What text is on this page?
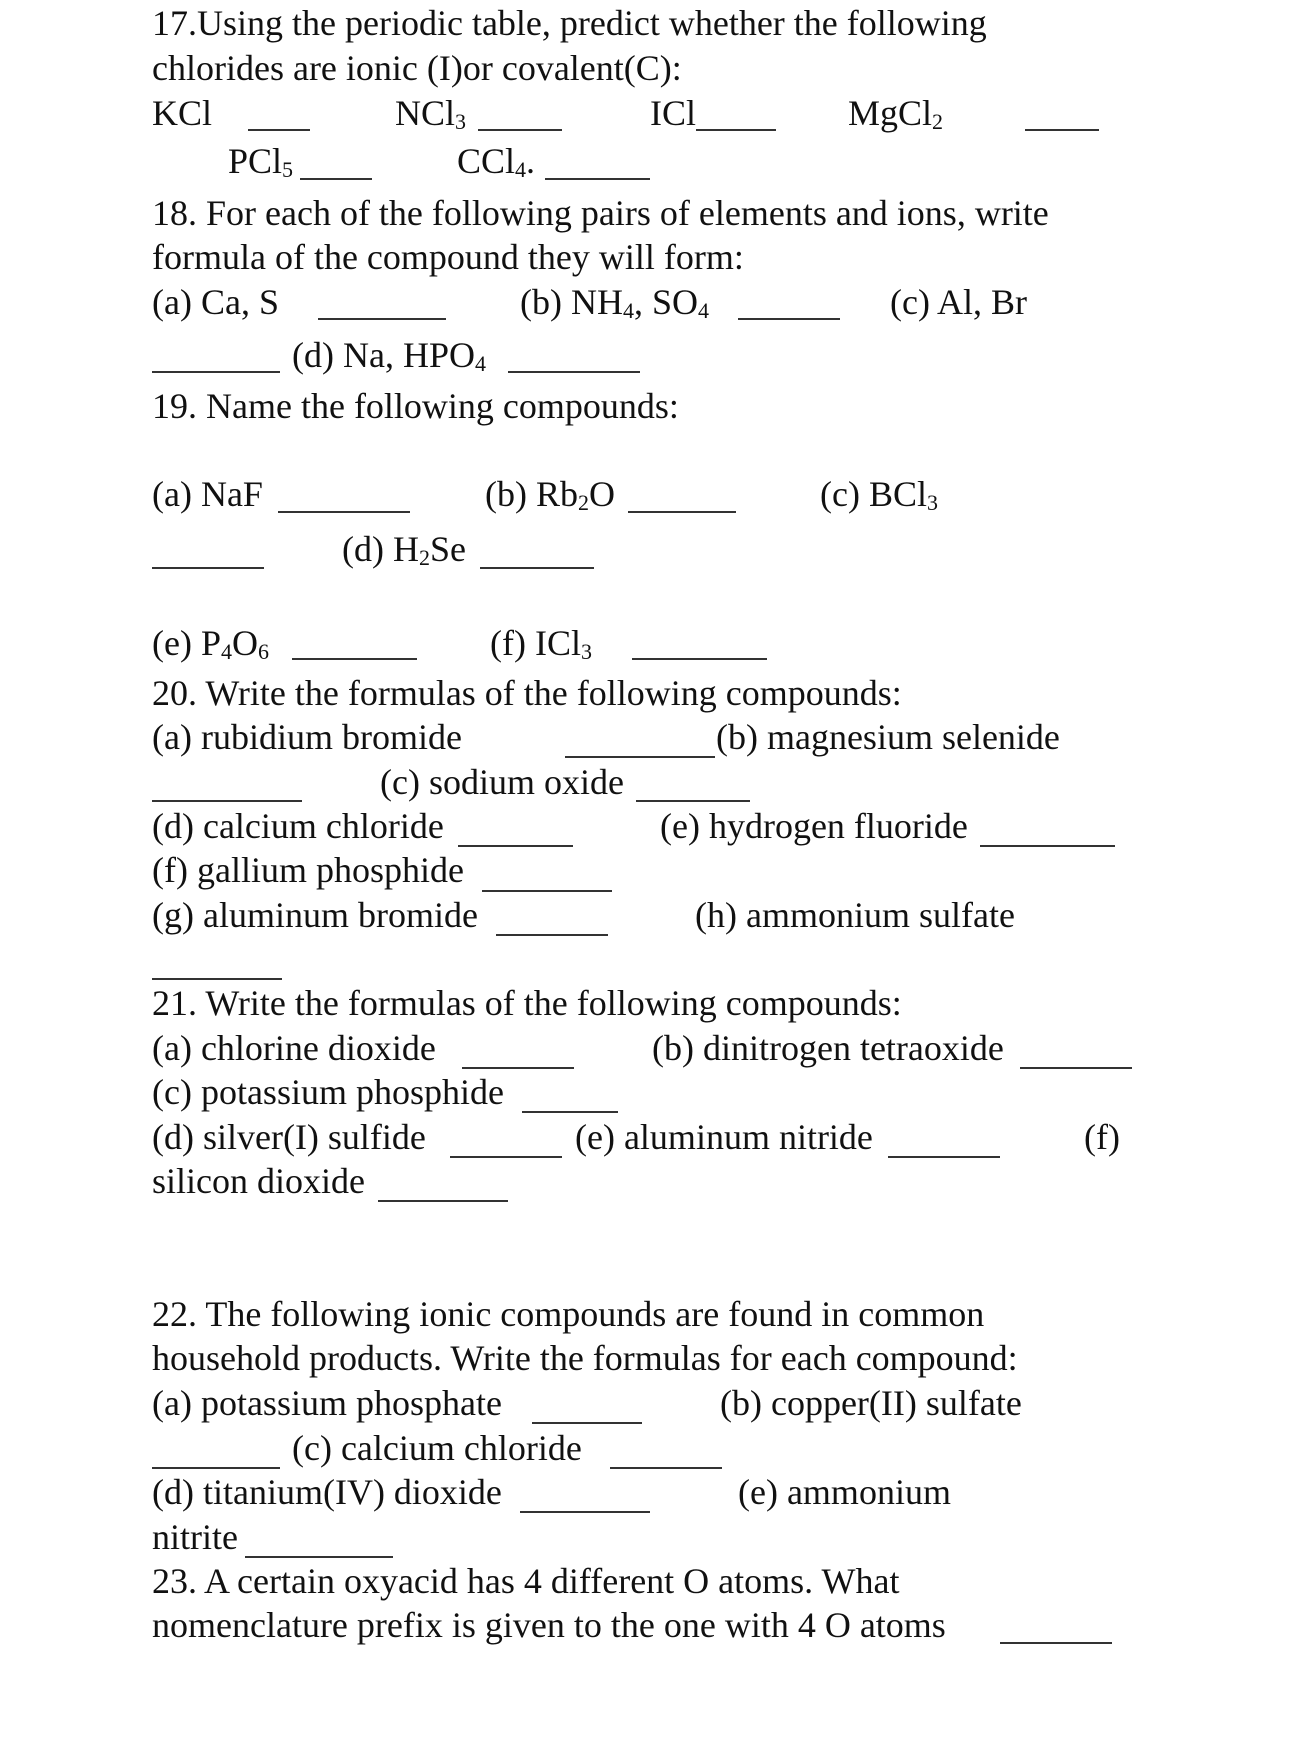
17.Using the periodic table, predict whether the following
chlorides are ionic (I)or covalent(C):
KCl	NCl$_3$	ICl	MgCl$_2$
PCl$_5$	CCl$_4$.
18. For each of the following pairs of elements and ions, write
formula of the compound they will form:
(a) Ca, S	(b) $NH_4$, $SO_4$	(c) Al, Br
(d) Na, $HPO_4$
19. Name the following compounds:
(a) NaF	(b) $Rb_2O$	(c) BCl$_3$
(d) $H_2Se$
(e) $P_4O_6$	(f) ICl$_3$
20. Write the formulas of the following compounds:
(a) rubidium bromide	(b) magnesium selenide
(c) sodium oxide
(d) calcium chloride	(e) hydrogen fluoride
(f) gallium phosphide
(g) aluminum bromide	(h) ammonium sulfate
21. Write the formulas of the following compounds:
(a) chlorine dioxide	(b) dinitrogen tetraoxide
(c) potassium phosphide
(d) silver(I) sulfide	(e) aluminum nitride	(f)
silicon dioxide
22. The following ionic compounds are found in common
household products. Write the formulas for each compound:
(a) potassium phosphate	(b) copper(II) sulfate
(c) calcium chloride
(d) titanium(IV) dioxide	(e) ammonium
nitrite
23. A certain oxyacid has 4 different O atoms. What
nomenclature prefix is given to the one with 4 O atoms
